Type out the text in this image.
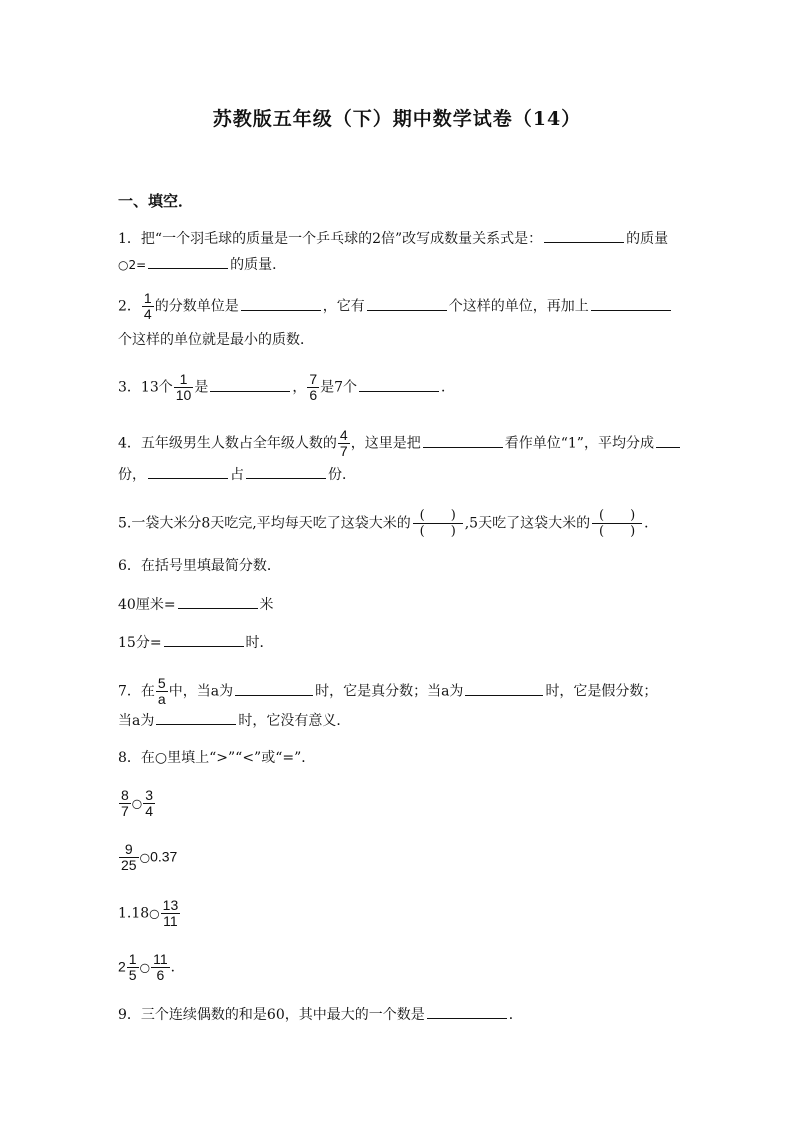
苏教版五年级（下）期中数学试卷（14）
一、填空．
1．把“一个羽毛球的质量是一个乒乓球的2倍”改写成数量关系式是：	的质量
○2=	的质量．
2． $\frac{1}{4}$ 的分数单位是	，它有	个这样的单位，再加上
个这样的单位就是最小的质数．
3．13个 $\frac{1}{10}$ 是	， $\frac{7}{6}$ 是7个	．
4．五年级男生人数占全年级人数的 $\frac{4}{7}$ ，这里是把	看作单位“1”，平均分成
份，	占	份．
5.一袋大米分8天吃完,平均每天吃了这袋大米的 $\frac{( )}{( )} ,5$天吃了这袋大米的 $\frac{( )}{( )}$ ．
6．在括号里填最简分数．
40厘米=	米
15分=	时．
7．在 $\frac{5}{a}$ 中，当a为	时，它是真分数；当a为	时，它是假分数；
当a为	时，它没有意义．
8．在○里填上“>”“<”或“=”．
$\frac{8}{7}$ ○ $\frac{3}{4}$
$\frac{9}{25}$ ○0.37
1.18○ $\frac{13}{11}$
$2 \frac{1}{5}$ ○ $\frac{11}{6}$ ．
9．三个连续偶数的和是60，其中最大的一个数是	．
